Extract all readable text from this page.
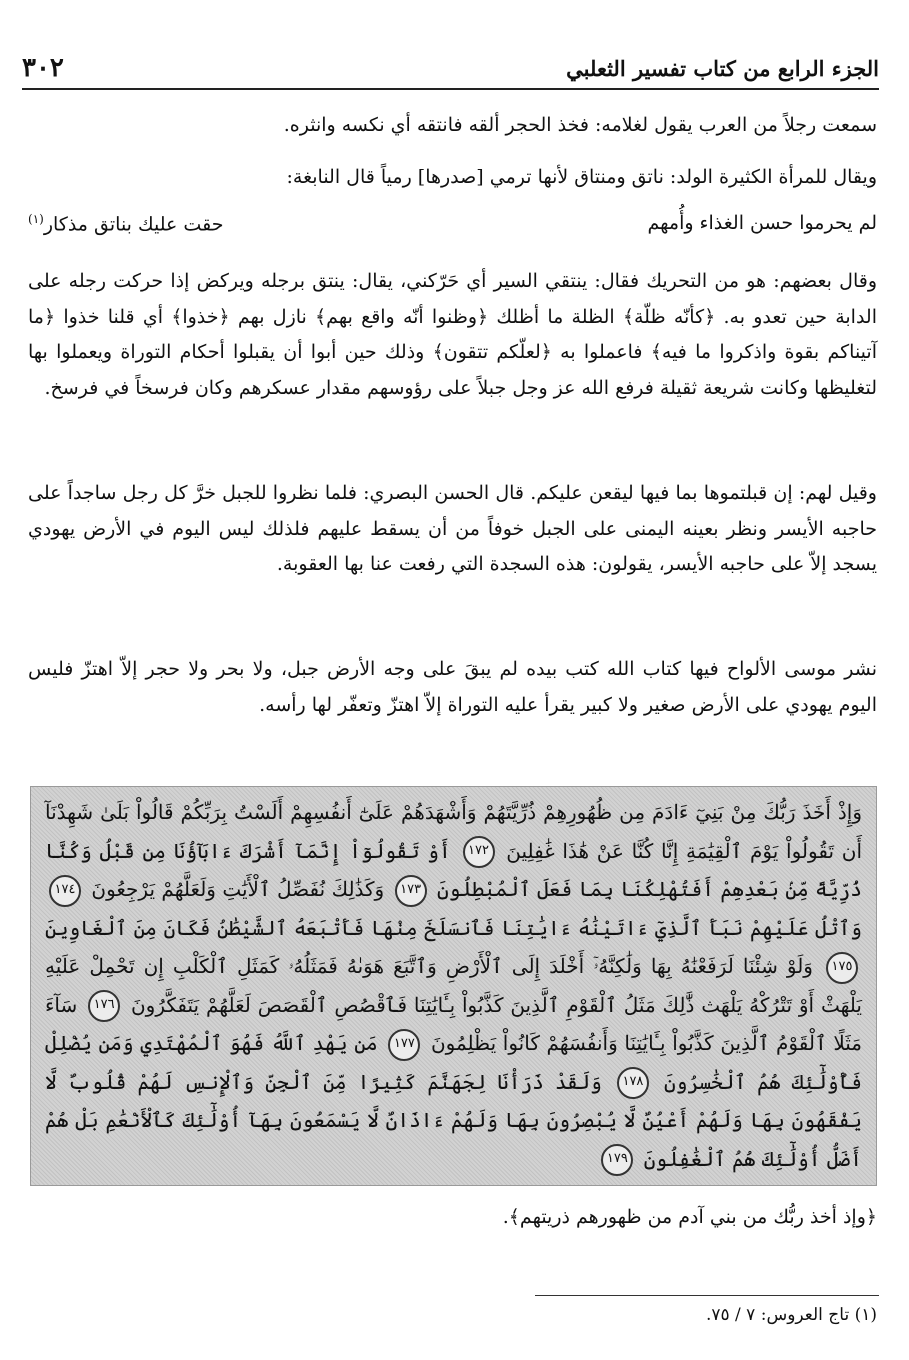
الجزء الرابع من كتاب تفسير الثعلبي
٣٠٢
سمعت رجلاً من العرب يقول لغلامه: فخذ الحجر ألقه فانتقه أي نكسه وانثره.
ويقال للمرأة الكثيرة الولد: ناتق ومنتاق لأنها ترمي [صدرها] رمياً قال النابغة:
لم يحرموا حسن الغذاء وأُمهم
حقت عليك بناتق مذكار$^{(١)}$
وقال بعضهم: هو من التحريك فقال: ينتقي السير أي حَرّكني، يقال: ينتق برجله ويركض إذا حركت رجله على الدابة حين تعدو به. ﴿كأنّه ظلّة﴾ الظلة ما أظلك ﴿وظنوا أنّه واقع بهم﴾ نازل بهم ﴿خذوا﴾ أي قلنا خذوا ﴿ما آتيناكم بقوة واذكروا ما فيه﴾ فاعملوا به ﴿لعلّكم تتقون﴾ وذلك حين أبوا أن يقبلوا أحكام التوراة ويعملوا بها لتغليظها وكانت شريعة ثقيلة فرفع الله عز وجل جبلاً على رؤوسهم مقدار عسكرهم وكان فرسخاً في فرسخ.
وقيل لهم: إن قبلتموها بما فيها ليقعن عليكم. قال الحسن البصري: فلما نظروا للجبل خرَّ كل رجل ساجداً على حاجبه الأيسر ونظر بعينه اليمنى على الجبل خوفاً من أن يسقط عليهم فلذلك ليس اليوم في الأرض يهودي يسجد إلاّ على حاجبه الأيسر، يقولون: هذه السجدة التي رفعت عنا بها العقوبة.
نشر موسى الألواح فيها كتاب الله كتب بيده لم يبقَ على وجه الأرض جبل، ولا بحر ولا حجر إلاّ اهتزّ فليس اليوم يهودي على الأرض صغير ولا كبير يقرأ عليه التوراة إلاّ اهتزّ وتعفّر لها رأسه.
وَإِذْ أَخَذَ رَبُّكَ مِنْ بَنِيٓ ءَادَمَ مِن ظُهُورِهِمْ ذُرِّيَّتَهُمْ وَأَشْهَدَهُمْ عَلَىٰٓ أَنفُسِهِمْ أَلَسْتُ بِرَبِّكُمْ قَالُواْ بَلَىٰ شَهِدْنَآ أَن تَقُولُواْ يَوْمَ ٱلْقِيَٰمَةِ إِنَّا كُنَّا عَنْ هَٰذَا غَٰفِلِينَ ١٧٢ أَوْ تَقُولُوٓاْ إِنَّمَآ أَشْرَكَ ءَابَآؤُنَا مِن قَبْلُ وَكُنَّا ذُرِّيَّةً مِّنۢ بَعْدِهِمْ أَفَتُهْلِكُنَا بِمَا فَعَلَ ٱلْمُبْطِلُونَ ١٧٣ وَكَذَٰلِكَ نُفَصِّلُ ٱلْأَيَٰتِ وَلَعَلَّهُمْ يَرْجِعُونَ ١٧٤ وَٱتْلُ عَلَيْهِمْ نَبَأَ ٱلَّذِيٓ ءَاتَيْنَٰهُ ءَايَٰتِنَا فَٱنسَلَخَ مِنْهَا فَأَتْبَعَهُ ٱلشَّيْطَٰنُ فَكَانَ مِنَ ٱلْغَاوِينَ ١٧٥ وَلَوْ شِئْنَا لَرَفَعْنَٰهُ بِهَا وَلَٰكِنَّهُۥٓ أَخْلَدَ إِلَى ٱلْأَرْضِ وَٱتَّبَعَ هَوَىٰهُ فَمَثَلُهُۥ كَمَثَلِ ٱلْكَلْبِ إِن تَحْمِلْ عَلَيْهِ يَلْهَثْ أَوْ تَتْرُكْهُ يَلْهَث ذَّٰلِكَ مَثَلُ ٱلْقَوْمِ ٱلَّذِينَ كَذَّبُواْ بِـَٔايَٰتِنَا فَٱقْصُصِ ٱلْقَصَصَ لَعَلَّهُمْ يَتَفَكَّرُونَ ١٧٦ سَآءَ مَثَلًا ٱلْقَوْمُ ٱلَّذِينَ كَذَّبُواْ بِـَٔايَٰتِنَا وَأَنفُسَهُمْ كَانُواْ يَظْلِمُونَ ١٧٧ مَن يَهْدِ ٱللَّهُ فَهُوَ ٱلْمُهْتَدِي وَمَن يُضْلِلْ فَأُوْلَٰٓئِكَ هُمُ ٱلْخَٰسِرُونَ ١٧٨ وَلَقَدْ ذَرَأْنَا لِجَهَنَّمَ كَثِيرًا مِّنَ ٱلْجِنِّ وَٱلْإِنسِ لَهُمْ قُلُوبٌ لَّا يَفْقَهُونَ بِهَا وَلَهُمْ أَعْيُنٌ لَّا يُبْصِرُونَ بِهَا وَلَهُمْ ءَاذَانٌ لَّا يَسْمَعُونَ بِهَآ أُوْلَٰٓئِكَ كَٱلْأَنْعَٰمِ بَلْ هُمْ أَضَلُّ أُوْلَٰٓئِكَ هُمُ ٱلْغَٰفِلُونَ ١٧٩
﴿وإذ أخذ ربُّك من بني آدم من ظهورهم ذريتهم﴾.
(١) تاج العروس: ٧ / ٧٥.
